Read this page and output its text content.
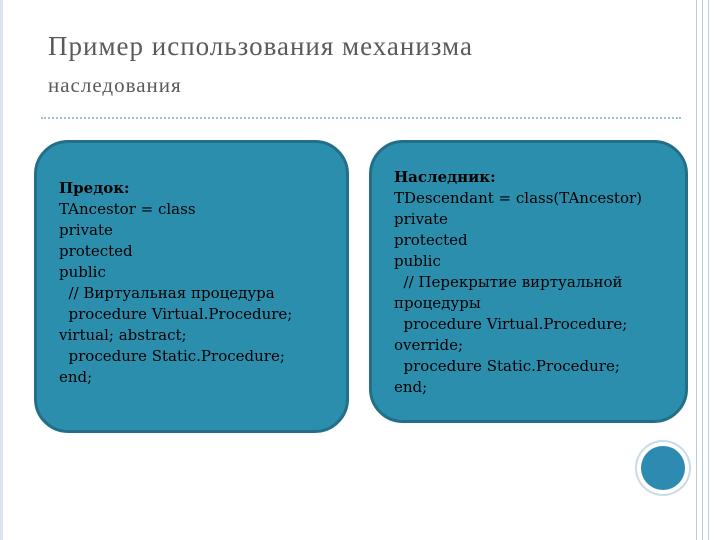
Пример использования механизма
наследования
Предок:
TAncestor = class
private
protected
public
// Виртуальная процедура
procedure Virtual.Procedure;
virtual; abstract;
procedure Static.Procedure;
end;
Наследник:
TDescendant = class(TAncestor)
private
protected
public
// Перекрытие виртуальной
процедуры
procedure Virtual.Procedure;
override;
procedure Static.Procedure;
end;
